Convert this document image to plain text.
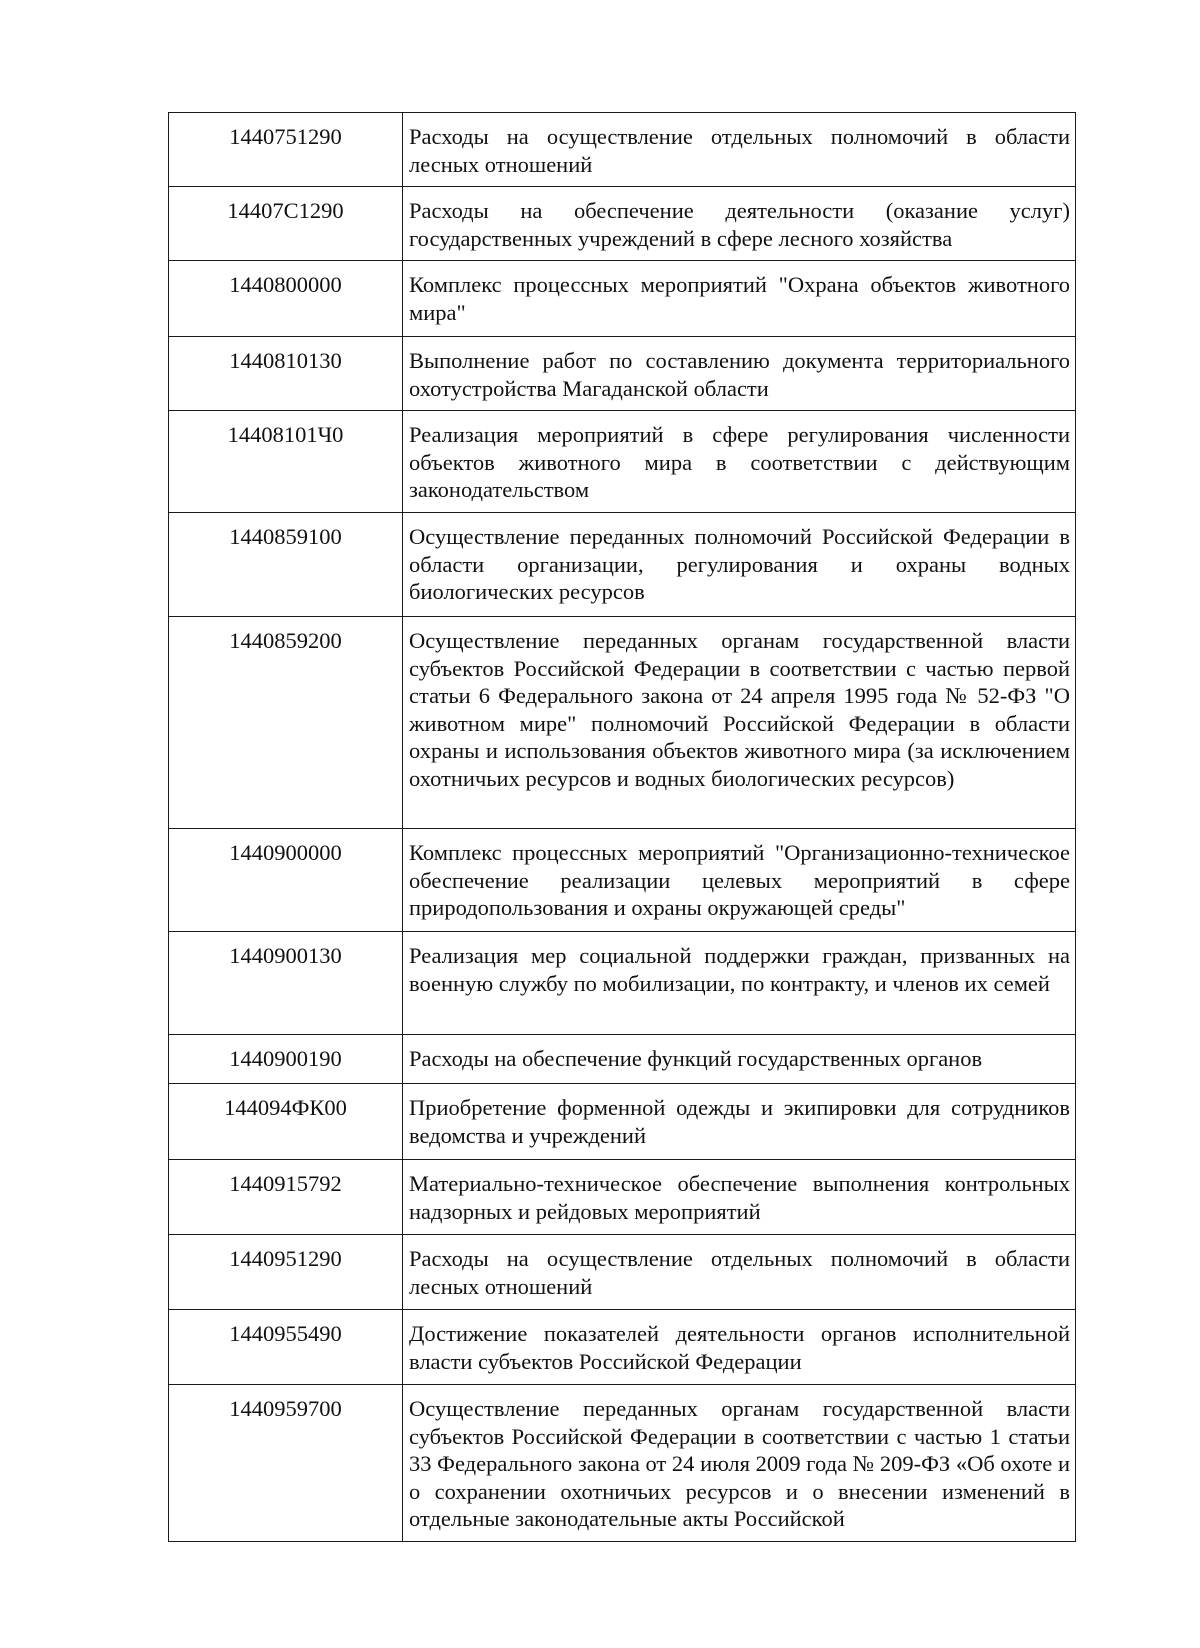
1440751290	Расходы на осуществление отдельных полномочий в области лесных отношений
14407С1290	Расходы на обеспечение деятельности (оказание услуг) государственных учреждений в сфере лесного хозяйства
1440800000	Комплекс процессных мероприятий "Охрана объектов животного мира"
1440810130	Выполнение работ по составлению документа территориального охотустройства Магаданской области
14408101Ч0	Реализация мероприятий в сфере регулирования численности объектов животного мира в соответствии с действующим законодательством
1440859100	Осуществление переданных полномочий Российской Федерации в области организации, регулирования и охраны водных биологических ресурсов
1440859200	Осуществление переданных органам государственной власти субъектов Российской Федерации в соответствии с частью первой статьи 6 Федерального закона от 24 апреля 1995 года № 52-ФЗ "О животном мире" полномочий Российской Федерации в области охраны и использования объектов животного мира (за исключением охотничьих ресурсов и водных биологических ресурсов)
1440900000	Комплекс процессных мероприятий "Организационно-техническое обеспечение реализации целевых мероприятий в сфере природопользования и охраны окружающей среды"
1440900130	Реализация мер социальной поддержки граждан, призванных на военную службу по мобилизации, по контракту, и членов их семей
1440900190	Расходы на обеспечение функций государственных органов
144094ФК00	Приобретение форменной одежды и экипировки для сотрудников ведомства и учреждений
1440915792	Материально-техническое обеспечение выполнения контрольных надзорных и рейдовых мероприятий
1440951290	Расходы на осуществление отдельных полномочий в области лесных отношений
1440955490	Достижение показателей деятельности органов исполнительной власти субъектов Российской Федерации
1440959700	Осуществление переданных органам государственной власти субъектов Российской Федерации в соответствии с частью 1 статьи 33 Федерального закона от 24 июля 2009 года № 209-ФЗ «Об охоте и о сохранении охотничьих ресурсов и о внесении изменений в отдельные законодательные акты Российской
